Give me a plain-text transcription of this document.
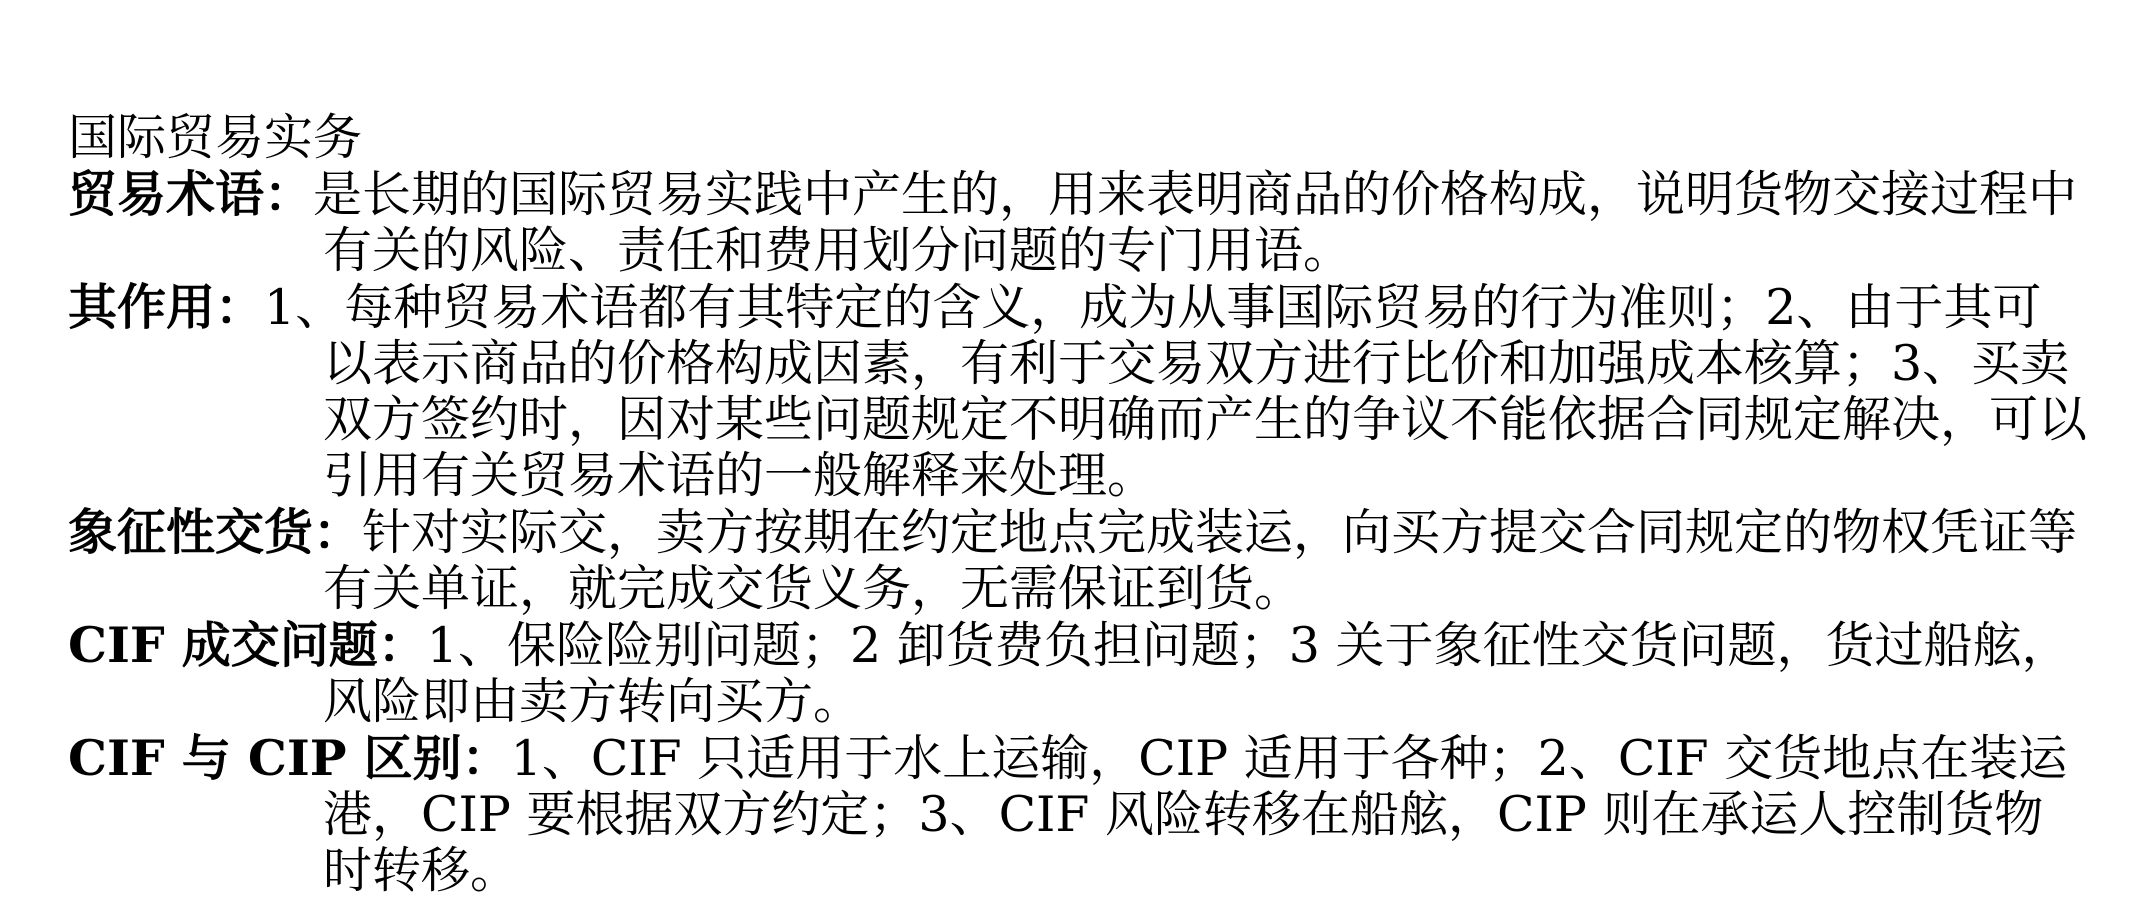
国际贸易实务

贸易术语：是长期的国际贸易实践中产生的，用来表明商品的价格构成，说明货物交接过程中有关的风险、责任和费用划分问题的专门用语。

其作用：1、每种贸易术语都有其特定的含义，成为从事国际贸易的行为准则；2、由于其可以表示商品的价格构成因素，有利于交易双方进行比价和加强成本核算；3、买卖双方签约时，因对某些问题规定不明确而产生的争议不能依据合同规定解决，可以引用有关贸易术语的一般解释来处理。

象征性交货：针对实际交，卖方按期在约定地点完成装运，向买方提交合同规定的物权凭证等有关单证，就完成交货义务，无需保证到货。

CIF 成交问题：1、保险险别问题；2 卸货费负担问题；3 关于象征性交货问题，货过船舷，风险即由卖方转向买方。

CIF 与 CIP 区别：1、CIF 只适用于水上运输，CIP 适用于各种；2、CIF 交货地点在装运港，CIP 要根据双方约定；3、CIF 风险转移在船舷，CIP 则在承运人控制货物时转移。
